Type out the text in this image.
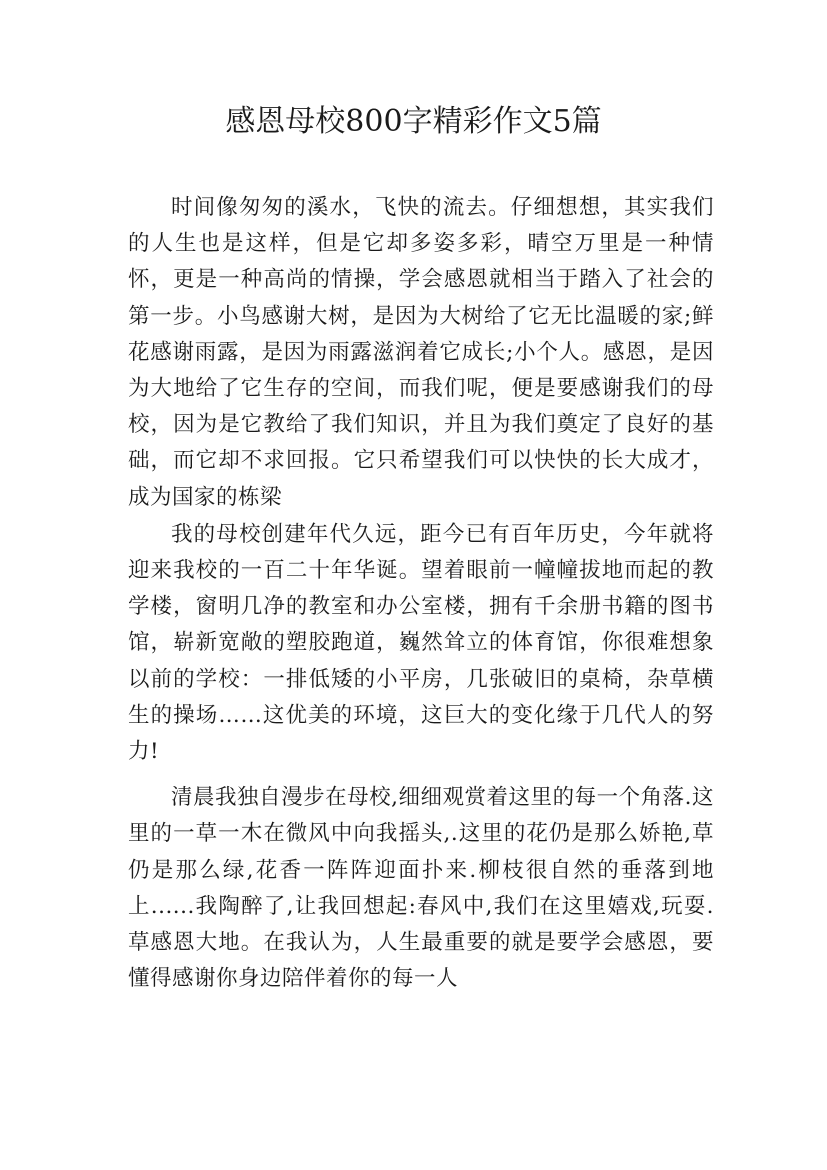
感恩母校800字精彩作文5篇

时间像匆匆的溪水，飞快的流去。仔细想想，其实我们的人生也是这样，但是它却多姿多彩，晴空万里是一种情怀，更是一种高尚的情操，学会感恩就相当于踏入了社会的第一步。小鸟感谢大树，是因为大树给了它无比温暖的家;鲜花感谢雨露，是因为雨露滋润着它成长;小个人。感恩，是因为大地给了它生存的空间，而我们呢，便是要感谢我们的母校，因为是它教给了我们知识，并且为我们奠定了良好的基础，而它却不求回报。它只希望我们可以快快的长大成才，成为国家的栋梁

我的母校创建年代久远，距今已有百年历史，今年就将迎来我校的一百二十年华诞。望着眼前一幢幢拔地而起的教学楼，窗明几净的教室和办公室楼，拥有千余册书籍的图书馆，崭新宽敞的塑胶跑道，巍然耸立的体育馆，你很难想象以前的学校：一排低矮的小平房，几张破旧的桌椅，杂草横生的操场……这优美的环境，这巨大的变化缘于几代人的努力!

清晨我独自漫步在母校,细细观赏着这里的每一个角落.这里的一草一木在微风中向我摇头,.这里的花仍是那么娇艳,草仍是那么绿,花香一阵阵迎面扑来.柳枝很自然的垂落到地上......我陶醉了,让我回想起:春风中,我们在这里嬉戏,玩耍.草感恩大地。在我认为，人生最重要的就是要学会感恩，要懂得感谢你身边陪伴着你的每一人
